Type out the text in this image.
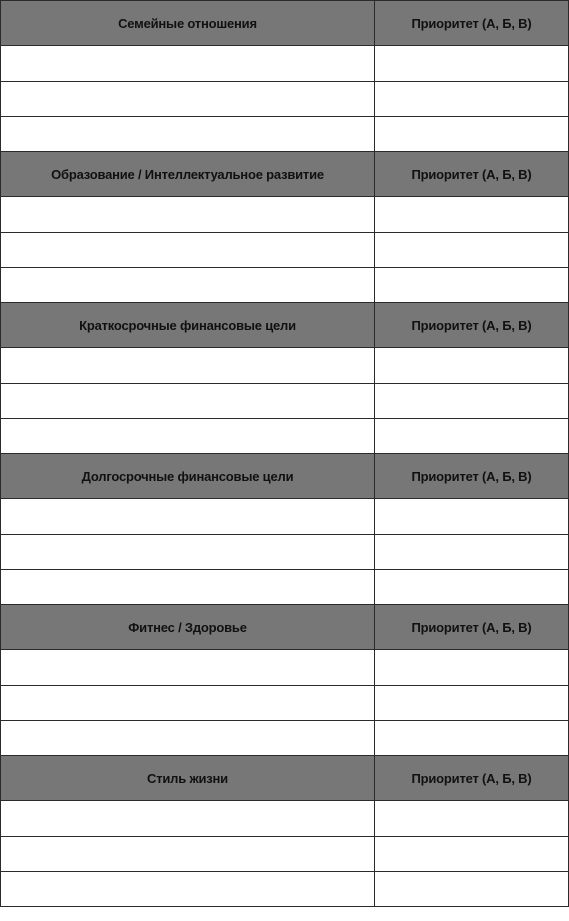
Семейные отношения	Приоритет (А, Б, В)

Образование / Интеллектуальное развитие	Приоритет (А, Б, В)

Краткосрочные финансовые цели	Приоритет (А, Б, В)

Долгосрочные финансовые цели	Приоритет (А, Б, В)

Фитнес / Здоровье	Приоритет (А, Б, В)

Стиль жизни	Приоритет (А, Б, В)
